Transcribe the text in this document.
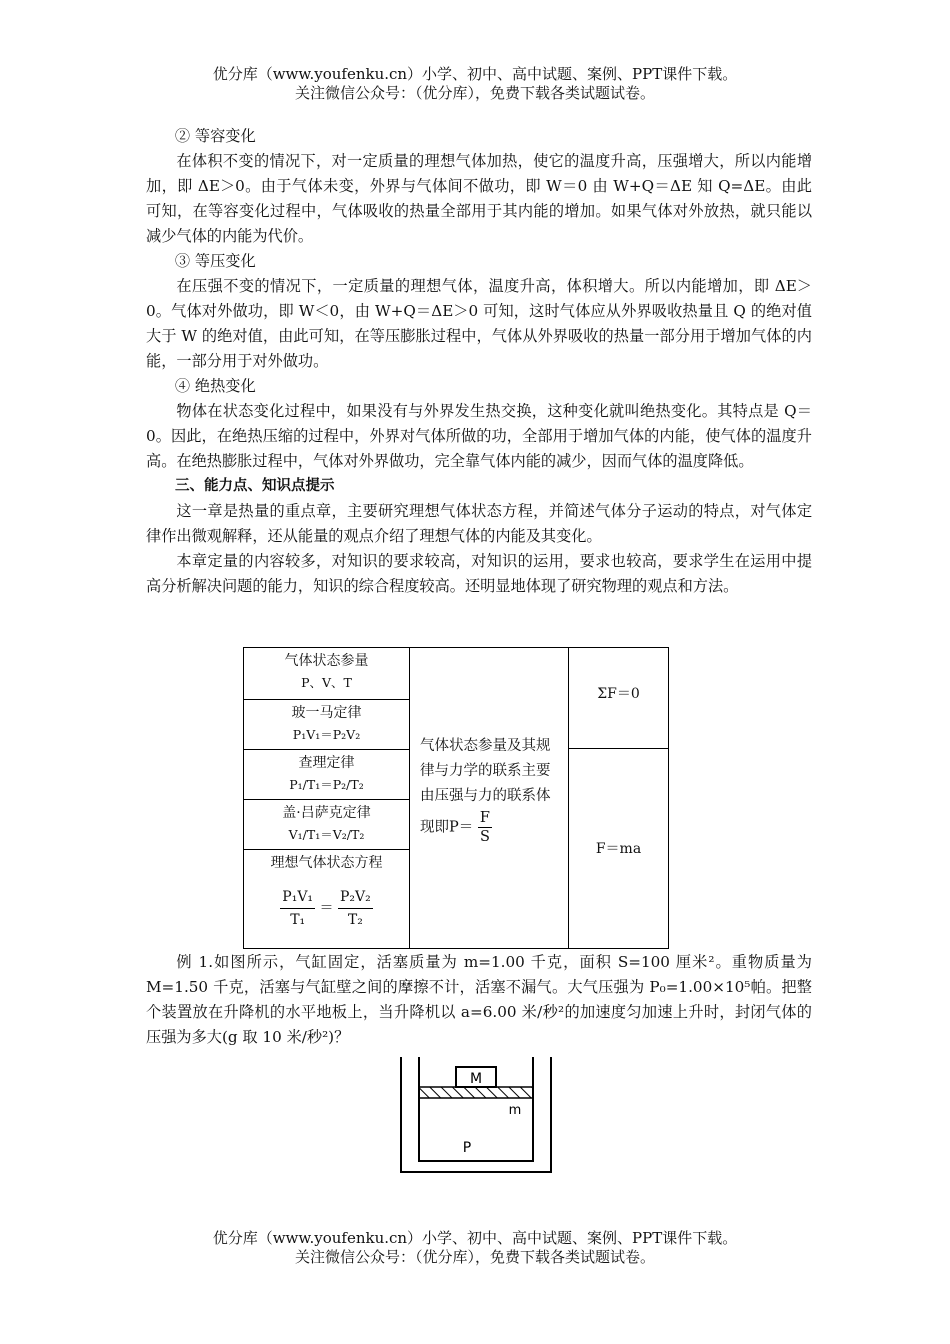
优分库（www.youfenku.cn）小学、初中、高中试题、案例、PPT课件下载。
关注微信公众号：（优分库），免费下载各类试题试卷。

② 等容变化

在体积不变的情况下，对一定质量的理想气体加热，使它的温度升高，压强增大，所以内能增加，即 ΔE＞0。由于气体未变，外界与气体间不做功，即 W＝0 由 W+Q＝ΔE 知 Q=ΔE。由此可知，在等容变化过程中，气体吸收的热量全部用于其内能的增加。如果气体对外放热，就只能以减少气体的内能为代价。

③ 等压变化

在压强不变的情况下，一定质量的理想气体，温度升高，体积增大。所以内能增加，即 ΔE＞0。气体对外做功，即 W＜0，由 W+Q＝ΔE＞0 可知，这时气体应从外界吸收热量且 Q 的绝对值大于 W 的绝对值，由此可知，在等压膨胀过程中，气体从外界吸收的热量一部分用于增加气体的内能，一部分用于对外做功。

④ 绝热变化

物体在状态变化过程中，如果没有与外界发生热交换，这种变化就叫绝热变化。其特点是 Q＝0。因此，在绝热压缩的过程中，外界对气体所做的功，全部用于增加气体的内能，使气体的温度升高。在绝热膨胀过程中，气体对外界做功，完全靠气体内能的减少，因而气体的温度降低。

三、能力点、知识点提示

这一章是热量的重点章，主要研究理想气体状态方程，并简述气体分子运动的特点，对气体定律作出微观解释，还从能量的观点介绍了理想气体的内能及其变化。

本章定量的内容较多，对知识的要求较高，对知识的运用，要求也较高，要求学生在运用中提高分析解决问题的能力，知识的综合程度较高。还明显地体现了研究物理的观点和方法。

气体状态参量
P、V、T
玻一马定律
P₁V₁＝P₂V₂
查理定律
P₁/T₁＝P₂/T₂
盖·吕萨克定律
V₁/T₁＝V₂/T₂
理想气体状态方程
$\frac{\text{P₁V₁}}{\text{T₁}} = \frac{\text{P₂V₂}}{\text{T₂}}$
气体状态参量及其规律与力学的联系主要由压强与力的联系体现即$P= \frac{F}{S}$
ΣF＝0
F＝ma

例 1.如图所示，气缸固定，活塞质量为 m=1.00 千克，面积 S=100 厘米²。重物质量为 M=1.50 千克，活塞与气缸壁之间的摩擦不计，活塞不漏气。大气压强为 P₀=1.00×10⁵帕。把整个装置放在升降机的水平地板上，当升降机以 a=6.00 米/秒²的加速度匀加速上升时，封闭气体的压强为多大(g 取 10 米/秒²)？

M
m
P
优分库（www.youfenku.cn）小学、初中、高中试题、案例、PPT课件下载。
关注微信公众号：（优分库），免费下载各类试题试卷。
